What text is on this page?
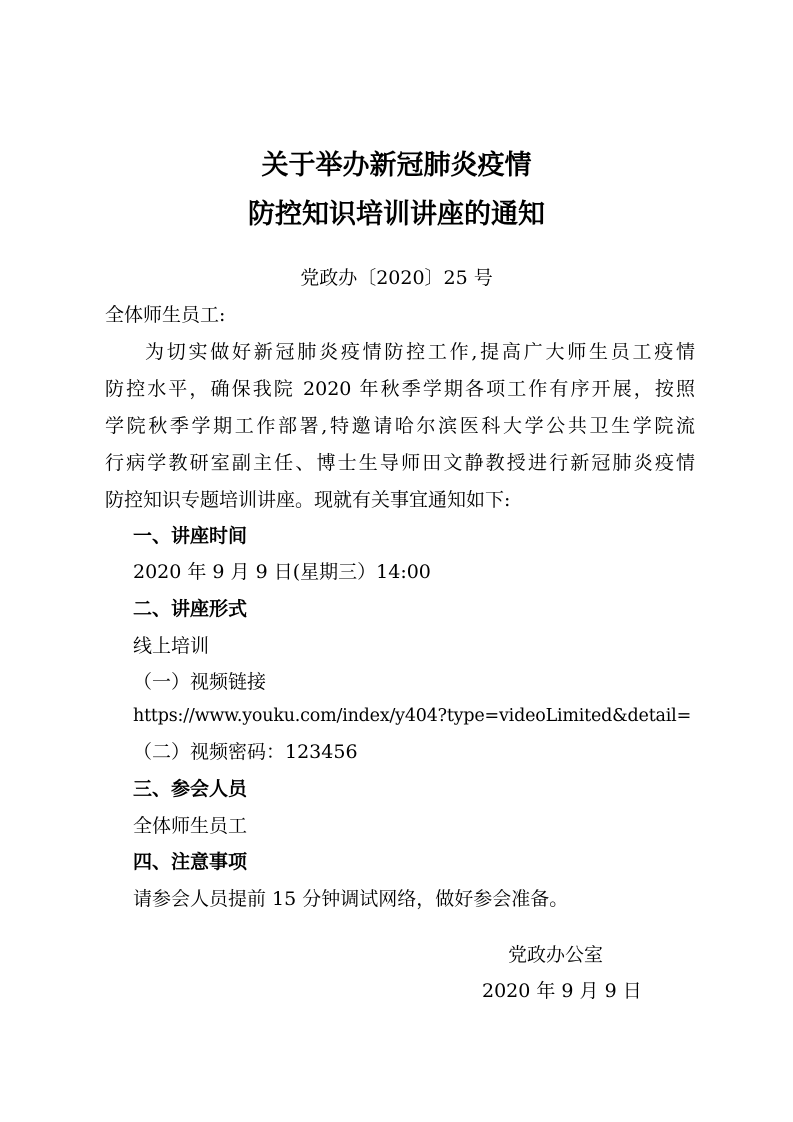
关于举办新冠肺炎疫情
防控知识培训讲座的通知
党政办〔2020〕25 号
全体师生员工:
为切实做好新冠肺炎疫情防控工作,提高广大师生员工疫情
防控水平，确保我院 2020 年秋季学期各项工作有序开展，按照
学院秋季学期工作部署,特邀请哈尔滨医科大学公共卫生学院流
行病学教研室副主任、博士生导师田文静教授进行新冠肺炎疫情
防控知识专题培训讲座。现就有关事宜通知如下:
一、讲座时间
2020 年 9 月 9 日(星期三）14:00
二、讲座形式
线上培训
（一）视频链接
https://www.youku.com/index/y404?type=videoLimited&detail=
（二）视频密码：123456
三、参会人员
全体师生员工
四、注意事项
请参会人员提前 15 分钟调试网络，做好参会准备。
党政办公室
2020 年 9 月 9 日
